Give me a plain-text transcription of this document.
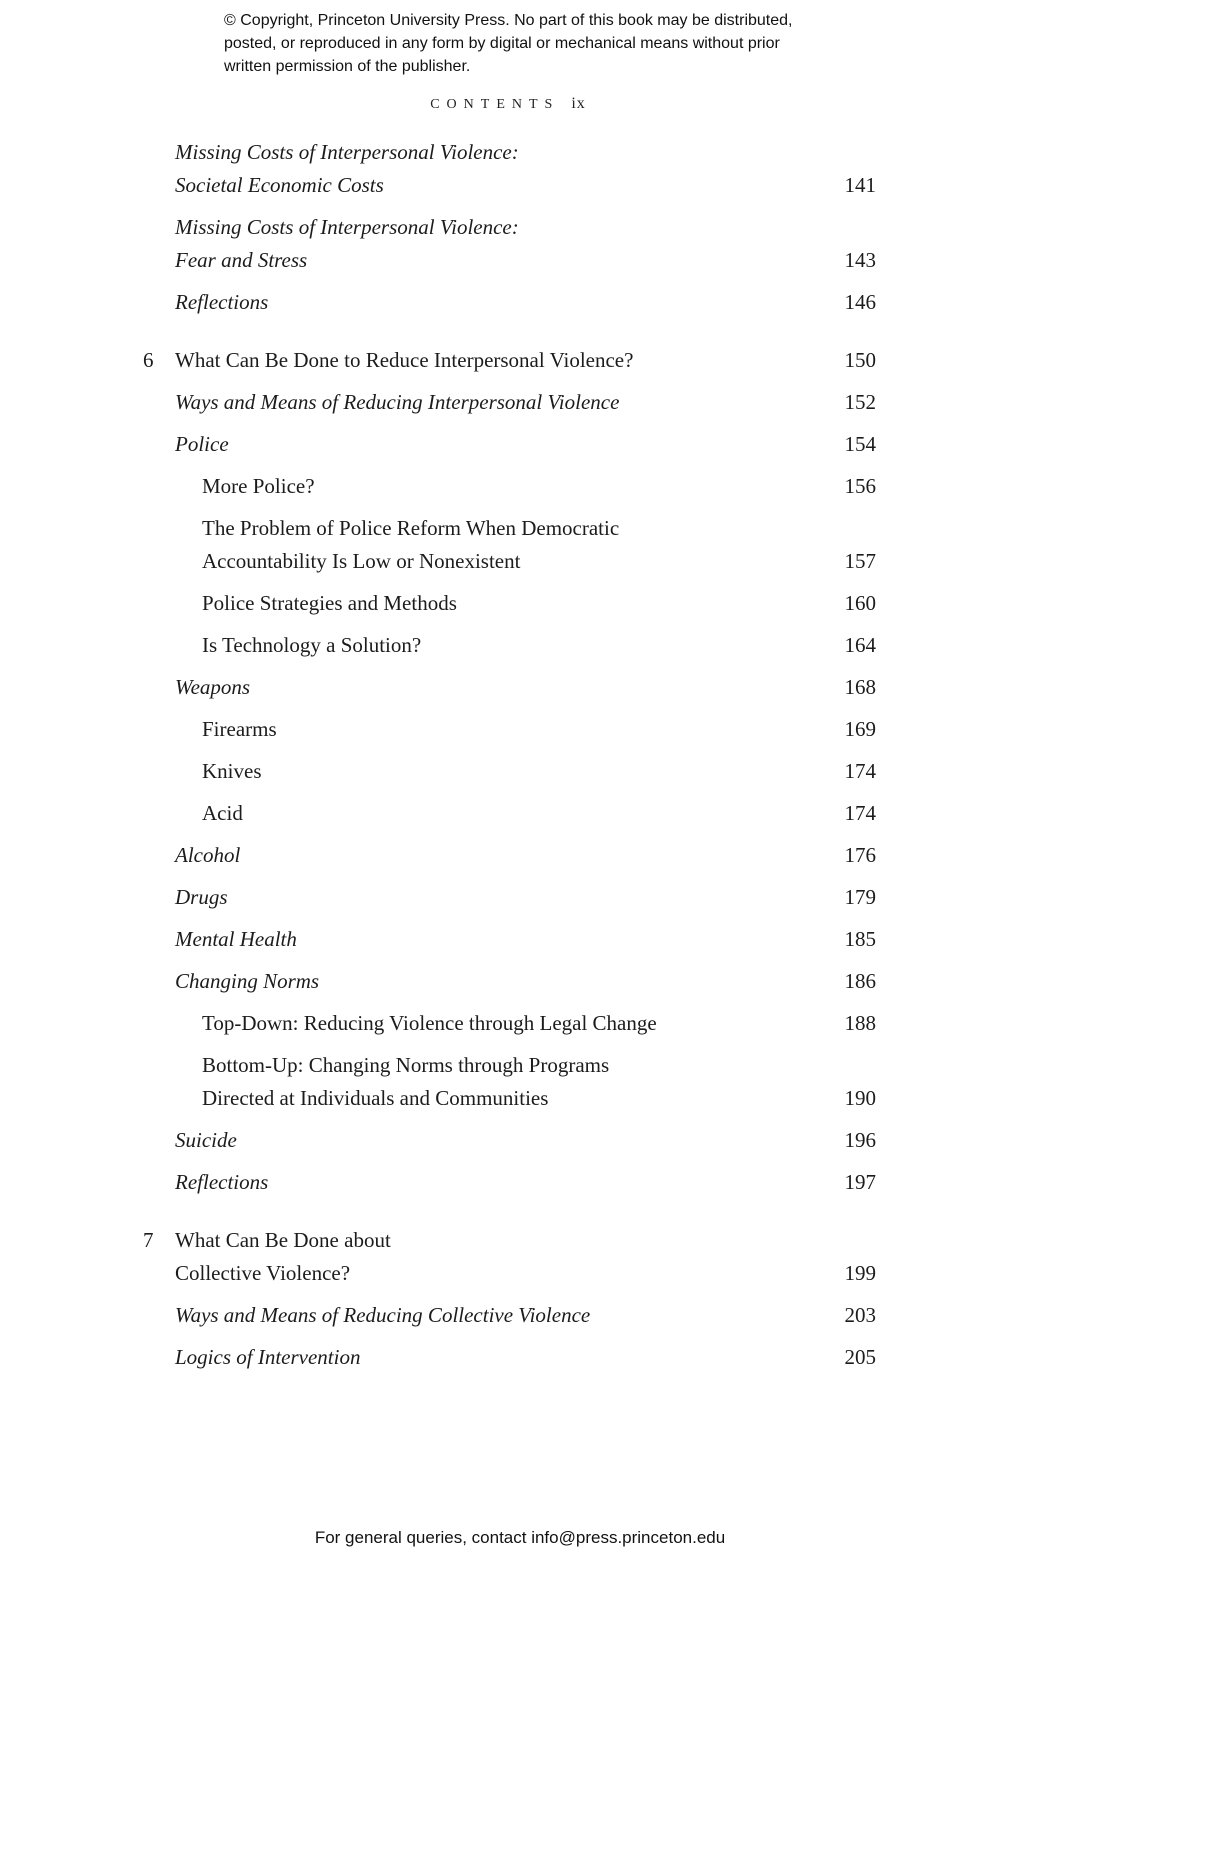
© Copyright, Princeton University Press. No part of this book may be distributed, posted, or reproduced in any form by digital or mechanical means without prior written permission of the publisher.
CONTENTS ix
Missing Costs of Interpersonal Violence:
Societal Economic Costs	141
Missing Costs of Interpersonal Violence:
Fear and Stress	143
Reflections	146
6 What Can Be Done to Reduce Interpersonal Violence?	150
Ways and Means of Reducing Interpersonal Violence	152
Police	154
More Police?	156
The Problem of Police Reform When Democratic
Accountability Is Low or Nonexistent	157
Police Strategies and Methods	160
Is Technology a Solution?	164
Weapons	168
Firearms	169
Knives	174
Acid	174
Alcohol	176
Drugs	179
Mental Health	185
Changing Norms	186
Top-Down: Reducing Violence through Legal Change	188
Bottom-Up: Changing Norms through Programs
Directed at Individuals and Communities	190
Suicide	196
Reflections	197
7 What Can Be Done about
Collective Violence?	199
Ways and Means of Reducing Collective Violence	203
Logics of Intervention	205
For general queries, contact info@press.princeton.edu
